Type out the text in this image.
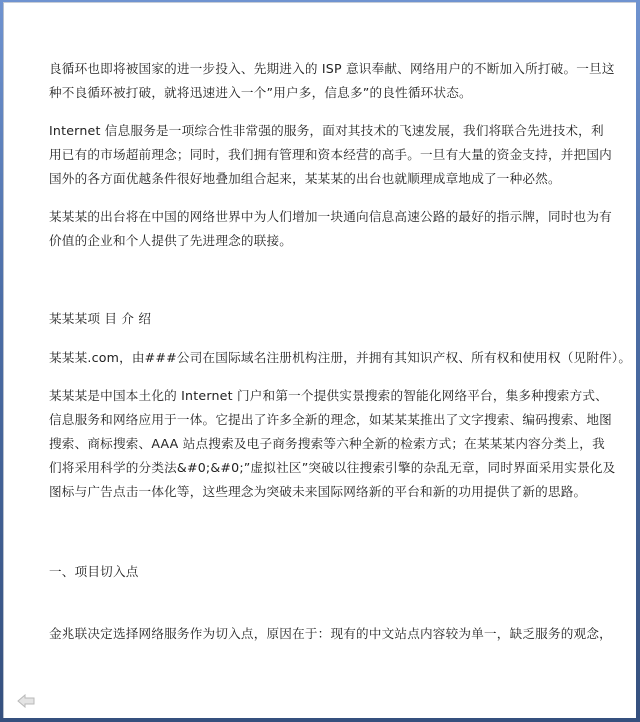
良循环也即将被国家的进一步投入、先期进入的 ISP 意识奉献、网络用户的不断加入所打破。一旦这
种不良循环被打破，就将迅速进入一个”用户多，信息多”的良性循环状态。
Internet 信息服务是一项综合性非常强的服务，面对其技术的飞速发展，我们将联合先进技术，利
用已有的市场超前理念；同时，我们拥有管理和资本经营的高手。一旦有大量的资金支持，并把国内
国外的各方面优越条件很好地叠加组合起来，某某某的出台也就顺理成章地成了一种必然。
某某某的出台将在中国的网络世界中为人们增加一块通向信息高速公路的最好的指示牌，同时也为有
价值的企业和个人提供了先进理念的联接。
某某某项 目 介 绍
某某某.com，由###公司在国际域名注册机构注册，并拥有其知识产权、所有权和使用权（见附件）。
某某某是中国本土化的 Internet 门户和第一个提供实景搜索的智能化网络平台，集多种搜索方式、
信息服务和网络应用于一体。它提出了许多全新的理念，如某某某推出了文字搜索、编码搜索、地图
搜索、商标搜索、AAA 站点搜索及电子商务搜索等六种全新的检索方式；在某某某内容分类上，我
们将采用科学的分类法&#0;&#0;”虚拟社区”突破以往搜索引擎的杂乱无章，同时界面采用实景化及
图标与广告点击一体化等，这些理念为突破未来国际网络新的平台和新的功用提供了新的思路。
一、项目切入点
金兆联决定选择网络服务作为切入点，原因在于：现有的中文站点内容较为单一，缺乏服务的观念，
